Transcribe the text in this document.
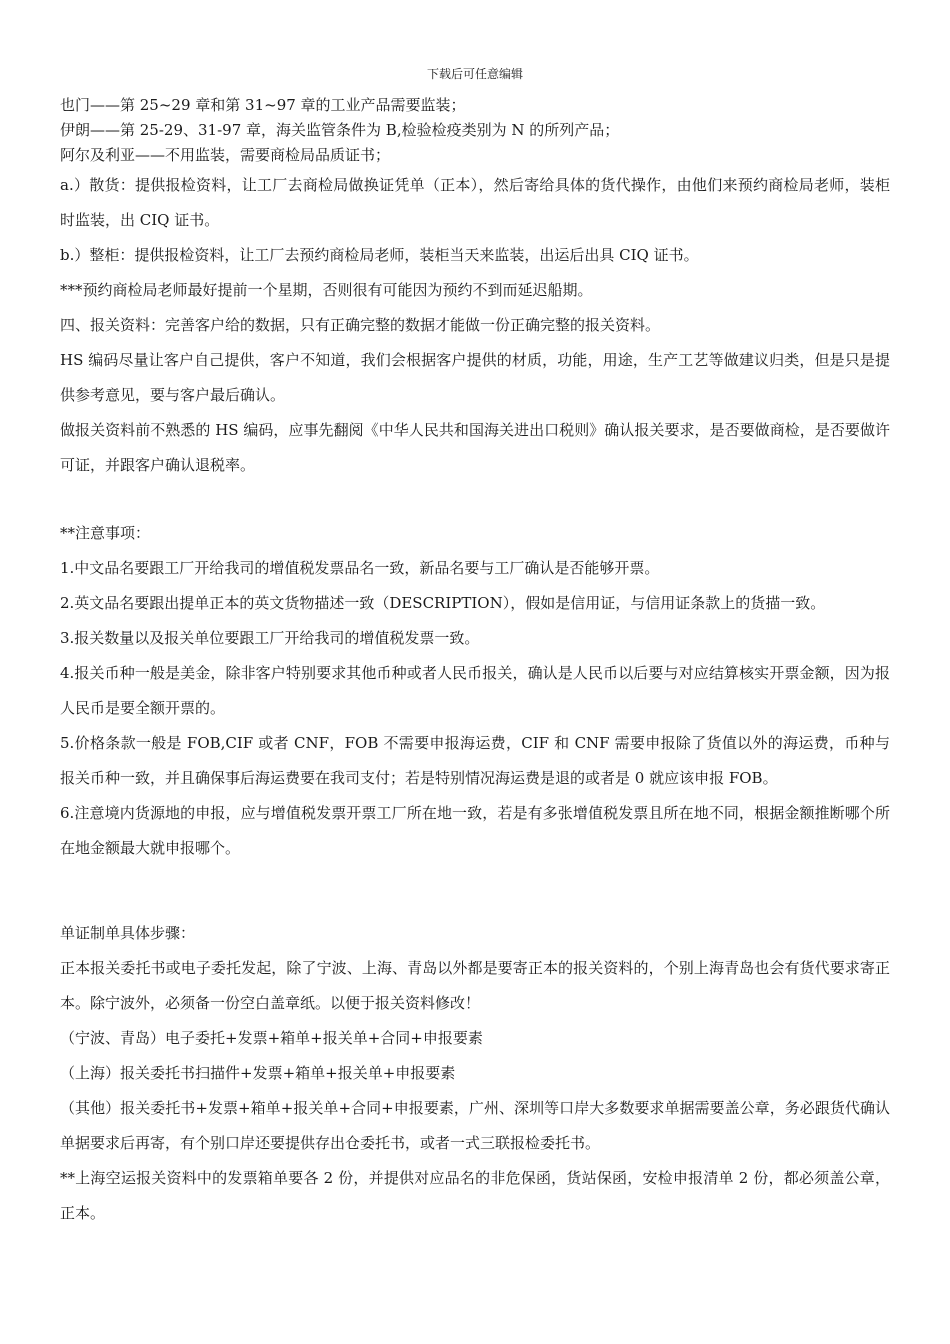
下载后可任意编辑

也门——第 25~29 章和第 31~97 章的工业产品需要监装；

伊朗——第 25-29、31-97 章，海关监管条件为 B,检验检疫类别为 N 的所列产品；

阿尔及利亚——不用监装，需要商检局品质证书；

a.）散货：提供报检资料，让工厂去商检局做换证凭单（正本），然后寄给具体的货代操作，由他们来预约商检局老师，装柜时监装，出 CIQ 证书。

b.）整柜：提供报检资料，让工厂去预约商检局老师，装柜当天来监装，出运后出具 CIQ 证书。

***预约商检局老师最好提前一个星期，否则很有可能因为预约不到而延迟船期。

四、报关资料：完善客户给的数据，只有正确完整的数据才能做一份正确完整的报关资料。

HS 编码尽量让客户自己提供，客户不知道，我们会根据客户提供的材质，功能，用途，生产工艺等做建议归类，但是只是提供参考意见，要与客户最后确认。

做报关资料前不熟悉的 HS 编码，应事先翻阅《中华人民共和国海关进出口税则》确认报关要求，是否要做商检，是否要做许可证，并跟客户确认退税率。

**注意事项：

1.中文品名要跟工厂开给我司的增值税发票品名一致，新品名要与工厂确认是否能够开票。

2.英文品名要跟出提单正本的英文货物描述一致（DESCRIPTION），假如是信用证，与信用证条款上的货描一致。

3.报关数量以及报关单位要跟工厂开给我司的增值税发票一致。

4.报关币种一般是美金，除非客户特别要求其他币种或者人民币报关，确认是人民币以后要与对应结算核实开票金额，因为报人民币是要全额开票的。

5.价格条款一般是 FOB,CIF 或者 CNF，FOB 不需要申报海运费，CIF 和 CNF 需要申报除了货值以外的海运费，币种与报关币种一致，并且确保事后海运费要在我司支付；若是特别情况海运费是退的或者是 0 就应该申报 FOB。

6.注意境内货源地的申报，应与增值税发票开票工厂所在地一致，若是有多张增值税发票且所在地不同，根据金额推断哪个所在地金额最大就申报哪个。

单证制单具体步骤：

正本报关委托书或电子委托发起，除了宁波、上海、青岛以外都是要寄正本的报关资料的，个别上海青岛也会有货代要求寄正本。除宁波外，必须备一份空白盖章纸。以便于报关资料修改！

（宁波、青岛）电子委托+发票+箱单+报关单+合同+申报要素

（上海）报关委托书扫描件+发票+箱单+报关单+申报要素

（其他）报关委托书+发票+箱单+报关单+合同+申报要素，广州、深圳等口岸大多数要求单据需要盖公章，务必跟货代确认单据要求后再寄，有个别口岸还要提供存出仓委托书，或者一式三联报检委托书。

**上海空运报关资料中的发票箱单要各 2 份，并提供对应品名的非危保函，货站保函，安检申报清单 2 份，都必须盖公章，正本。
